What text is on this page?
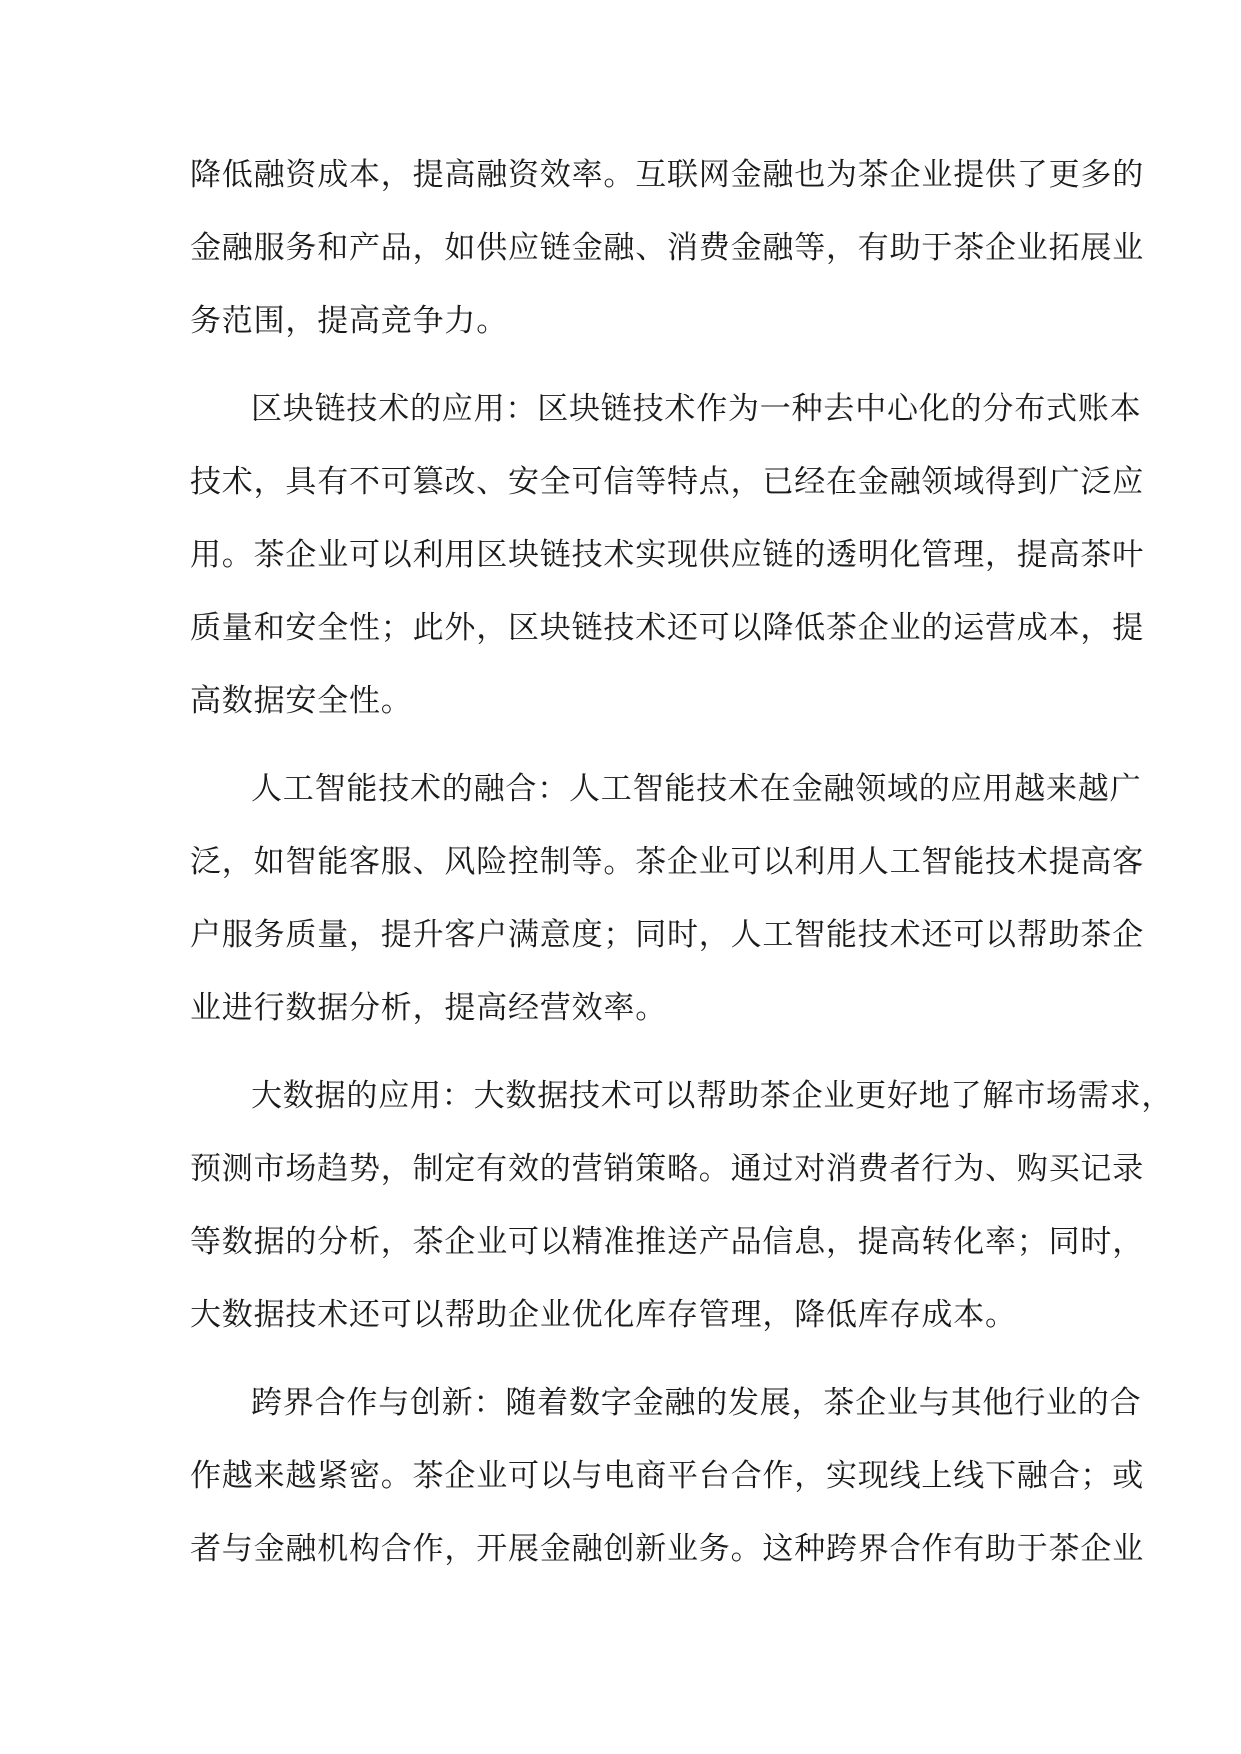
降低融资成本，提高融资效率。互联网金融也为茶企业提供了更多的
金融服务和产品，如供应链金融、消费金融等，有助于茶企业拓展业
务范围，提高竞争力。
区块链技术的应用：区块链技术作为一种去中心化的分布式账本
技术，具有不可篡改、安全可信等特点，已经在金融领域得到广泛应
用。茶企业可以利用区块链技术实现供应链的透明化管理，提高茶叶
质量和安全性；此外，区块链技术还可以降低茶企业的运营成本，提
高数据安全性。
人工智能技术的融合：人工智能技术在金融领域的应用越来越广
泛，如智能客服、风险控制等。茶企业可以利用人工智能技术提高客
户服务质量，提升客户满意度；同时，人工智能技术还可以帮助茶企
业进行数据分析，提高经营效率。
大数据的应用：大数据技术可以帮助茶企业更好地了解市场需求，
预测市场趋势，制定有效的营销策略。通过对消费者行为、购买记录
等数据的分析，茶企业可以精准推送产品信息，提高转化率；同时，
大数据技术还可以帮助企业优化库存管理，降低库存成本。
跨界合作与创新：随着数字金融的发展，茶企业与其他行业的合
作越来越紧密。茶企业可以与电商平台合作，实现线上线下融合；或
者与金融机构合作，开展金融创新业务。这种跨界合作有助于茶企业
